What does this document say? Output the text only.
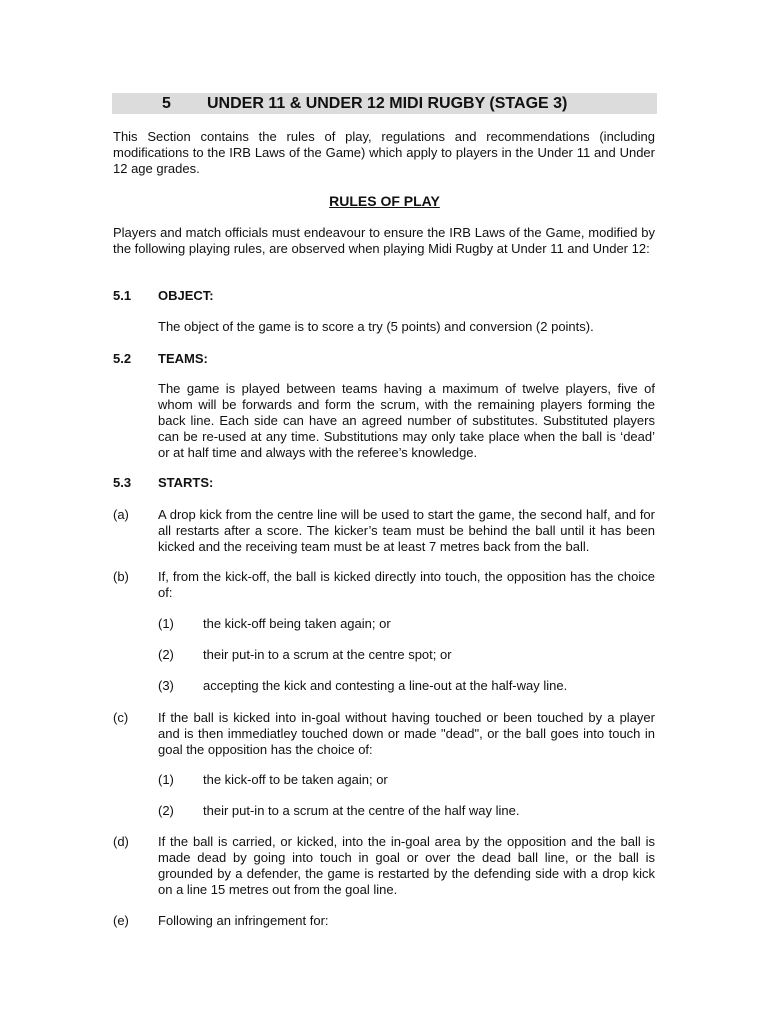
5 UNDER 11 & UNDER 12 MIDI RUGBY (STAGE 3)
This Section contains the rules of play, regulations and recommendations (including modifications to the IRB Laws of the Game) which apply to players in the Under 11 and Under 12 age grades.
RULES OF PLAY
Players and match officials must endeavour to ensure the IRB Laws of the Game, modified by the following playing rules, are observed when playing Midi Rugby at Under 11 and Under 12:
5.1 OBJECT:
The object of the game is to score a try (5 points) and conversion (2 points).
5.2 TEAMS:
The game is played between teams having a maximum of twelve players, five of whom will be forwards and form the scrum, with the remaining players forming the back line. Each side can have an agreed number of substitutes. Substituted players can be re-used at any time. Substitutions may only take place when the ball is ‘dead’ or at half time and always with the referee’s knowledge.
5.3 STARTS:
(a) A drop kick from the centre line will be used to start the game, the second half, and for all restarts after a score. The kicker’s team must be behind the ball until it has been kicked and the receiving team must be at least 7 metres back from the ball.
(b) If, from the kick-off, the ball is kicked directly into touch, the opposition has the choice of:
(1) the kick-off being taken again; or
(2) their put-in to a scrum at the centre spot; or
(3) accepting the kick and contesting a line-out at the half-way line.
(c) If the ball is kicked into in-goal without having touched or been touched by a player and is then immediatley touched down or made "dead", or the ball goes into touch in goal the opposition has the choice of:
(1) the kick-off to be taken again; or
(2) their put-in to a scrum at the centre of the half way line.
(d) If the ball is carried, or kicked, into the in-goal area by the opposition and the ball is made dead by going into touch in goal or over the dead ball line, or the ball is grounded by a defender, the game is restarted by the defending side with a drop kick on a line 15 metres out from the goal line.
(e) Following an infringement for:
